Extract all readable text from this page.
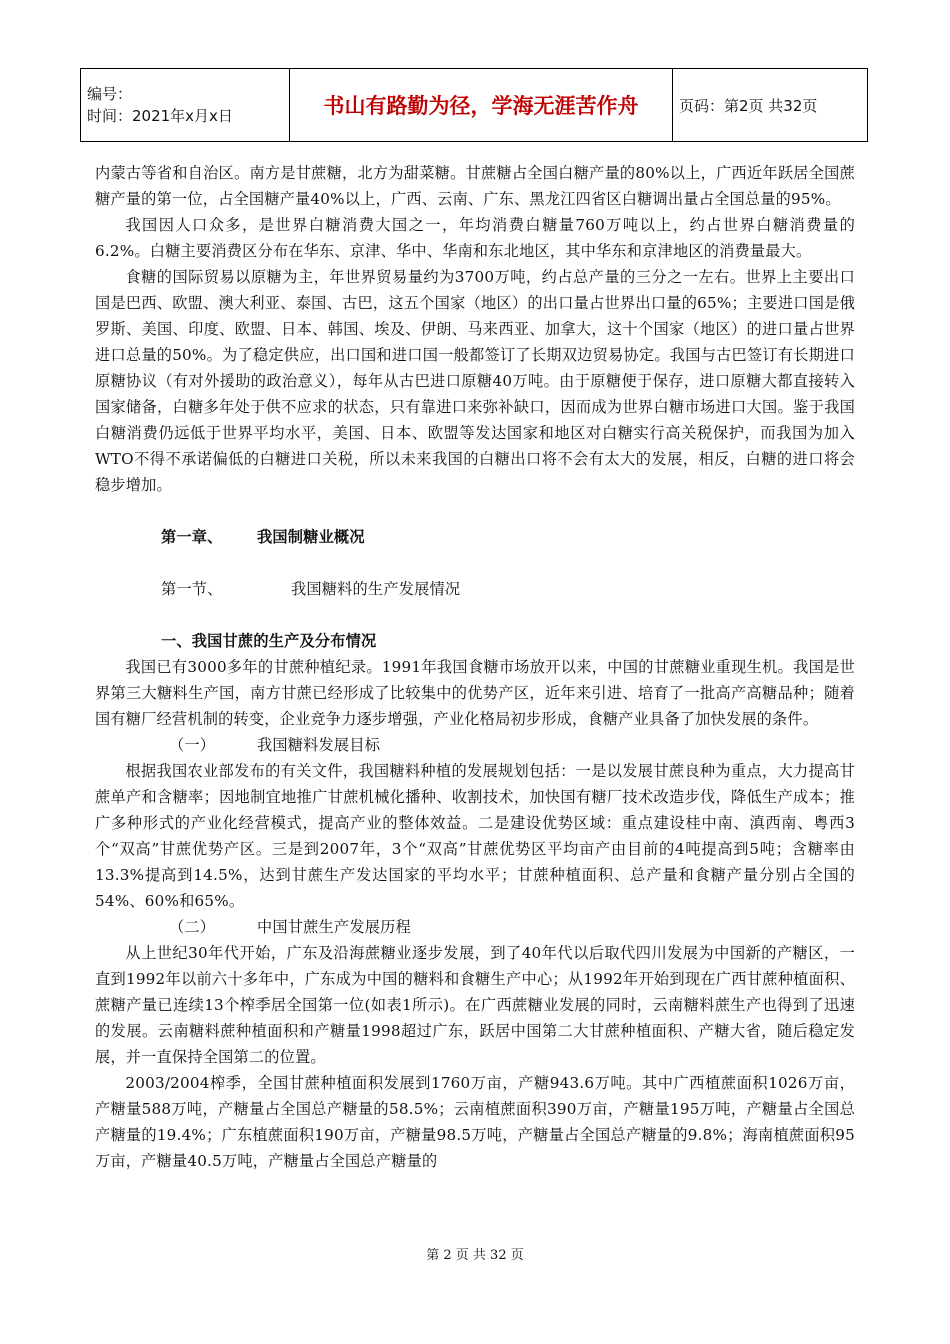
编号：
时间：2021年x月x日	书山有路勤为径，学海无涯苦作舟	页码：第2页 共32页

内蒙古等省和自治区。南方是甘蔗糖，北方为甜菜糖。甘蔗糖占全国白糖产量的80%以上，广西近年跃居全国蔗糖产量的第一位，占全国糖产量40%以上，广西、云南、广东、黑龙江四省区白糖调出量占全国总量的95%。

我国因人口众多，是世界白糖消费大国之一，年均消费白糖量760万吨以上，约占世界白糖消费量的6.2%。白糖主要消费区分布在华东、京津、华中、华南和东北地区，其中华东和京津地区的消费量最大。

食糖的国际贸易以原糖为主，年世界贸易量约为3700万吨，约占总产量的三分之一左右。世界上主要出口国是巴西、欧盟、澳大利亚、泰国、古巴，这五个国家（地区）的出口量占世界出口量的65%；主要进口国是俄罗斯、美国、印度、欧盟、日本、韩国、埃及、伊朗、马来西亚、加拿大，这十个国家（地区）的进口量占世界进口总量的50%。为了稳定供应，出口国和进口国一般都签订了长期双边贸易协定。我国与古巴签订有长期进口原糖协议（有对外援助的政治意义），每年从古巴进口原糖40万吨。由于原糖便于保存，进口原糖大都直接转入国家储备，白糖多年处于供不应求的状态，只有靠进口来弥补缺口，因而成为世界白糖市场进口大国。鉴于我国白糖消费仍远低于世界平均水平，美国、日本、欧盟等发达国家和地区对白糖实行高关税保护，而我国为加入WTO不得不承诺偏低的白糖进口关税，所以未来我国的白糖出口将不会有太大的发展，相反，白糖的进口将会稳步增加。

第一章、 我国制糖业概况

第一节、	我国糖料的生产发展情况

一、我国甘蔗的生产及分布情况

我国已有3000多年的甘蔗种植纪录。1991年我国食糖市场放开以来，中国的甘蔗糖业重现生机。我国是世界第三大糖料生产国，南方甘蔗已经形成了比较集中的优势产区，近年来引进、培育了一批高产高糖品种；随着国有糖厂经营机制的转变，企业竞争力逐步增强，产业化格局初步形成，食糖产业具备了加快发展的条件。

（一）	我国糖料发展目标

根据我国农业部发布的有关文件，我国糖料种植的发展规划包括：一是以发展甘蔗良种为重点，大力提高甘蔗单产和含糖率；因地制宜地推广甘蔗机械化播种、收割技术，加快国有糖厂技术改造步伐，降低生产成本；推广多种形式的产业化经营模式，提高产业的整体效益。二是建设优势区域：重点建设桂中南、滇西南、粤西3个“双高”甘蔗优势产区。三是到2007年，3个“双高”甘蔗优势区平均亩产由目前的4吨提高到5吨；含糖率由13.3%提高到14.5%，达到甘蔗生产发达国家的平均水平；甘蔗种植面积、总产量和食糖产量分别占全国的54%、60%和65%。

（二）	中国甘蔗生产发展历程

从上世纪30年代开始，广东及沿海蔗糖业逐步发展，到了40年代以后取代四川发展为中国新的产糖区，一直到1992年以前六十多年中，广东成为中国的糖料和食糖生产中心；从1992年开始到现在广西甘蔗种植面积、蔗糖产量已连续13个榨季居全国第一位(如表1所示)。在广西蔗糖业发展的同时，云南糖料蔗生产也得到了迅速的发展。云南糖料蔗种植面积和产糖量1998超过广东，跃居中国第二大甘蔗种植面积、产糖大省，随后稳定发展，并一直保持全国第二的位置。

2003/2004榨季，全国甘蔗种植面积发展到1760万亩，产糖943.6万吨。其中广西植蔗面积1026万亩，产糖量588万吨，产糖量占全国总产糖量的58.5%；云南植蔗面积390万亩，产糖量195万吨，产糖量占全国总产糖量的19.4%；广东植蔗面积190万亩，产糖量98.5万吨，产糖量占全国总产糖量的9.8%；海南植蔗面积95万亩，产糖量40.5万吨，产糖量占全国总产糖量的

第 2 页 共 32 页
